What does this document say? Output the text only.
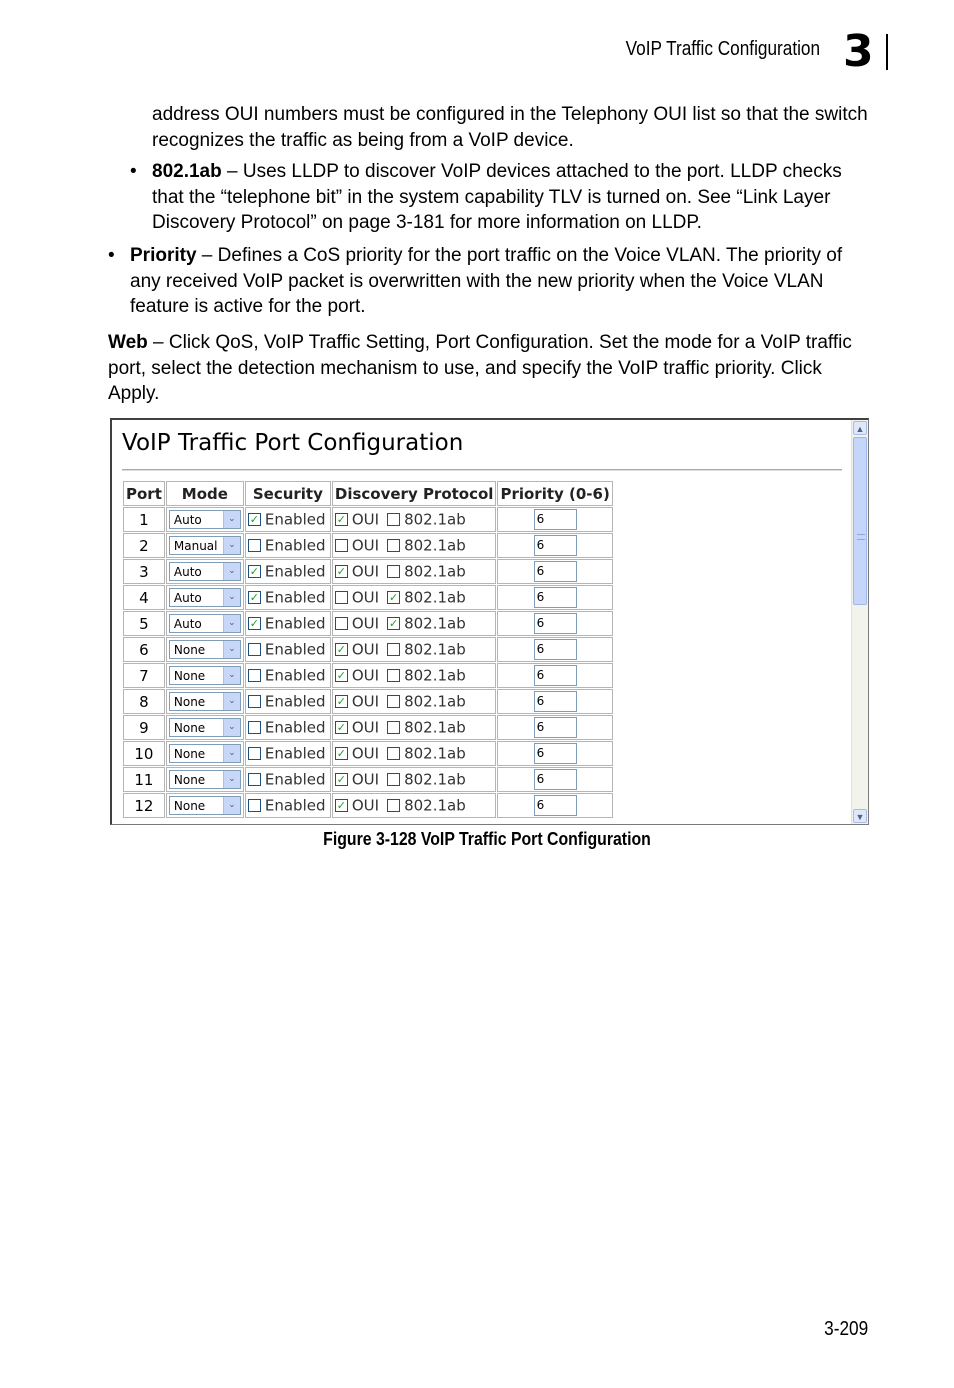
VoIP Traffic Configuration 3
address OUI numbers must be configured in the Telephony OUI list so that the switch recognizes the traffic as being from a VoIP device.
• 802.1ab – Uses LLDP to discover VoIP devices attached to the port. LLDP checks that the “telephone bit” in the system capability TLV is turned on. See “Link Layer Discovery Protocol” on page 3-181 for more information on LLDP.
• Priority – Defines a CoS priority for the port traffic on the Voice VLAN. The priority of any received VoIP packet is overwritten with the new priority when the Voice VLAN feature is active for the port.
Web – Click QoS, VoIP Traffic Setting, Port Configuration. Set the mode for a VoIP traffic port, select the detection mechanism to use, and specify the VoIP traffic priority. Click Apply.
VoIP Traffic Port Configuration
Port	Mode	Security	Discovery Protocol	Priority (0-6)
1	Auto ⌄	✓ Enabled	✓ OUI 802.1ab	6
2	Manual ⌄	Enabled	OUI 802.1ab	6
3	Auto ⌄	✓ Enabled	✓ OUI 802.1ab	6
4	Auto ⌄	✓ Enabled	OUI ✓ 802.1ab	6
5	Auto ⌄	✓ Enabled	OUI ✓ 802.1ab	6
6	None ⌄	Enabled	✓ OUI 802.1ab	6
7	None ⌄	Enabled	✓ OUI 802.1ab	6
8	None ⌄	Enabled	✓ OUI 802.1ab	6
9	None ⌄	Enabled	✓ OUI 802.1ab	6
10	None ⌄	Enabled	✓ OUI 802.1ab	6
11	None ⌄	Enabled	✓ OUI 802.1ab	6
12	None ⌄	Enabled	✓ OUI 802.1ab	6
▲
▼
Figure 3-128 VoIP Traffic Port Configuration
3-209
